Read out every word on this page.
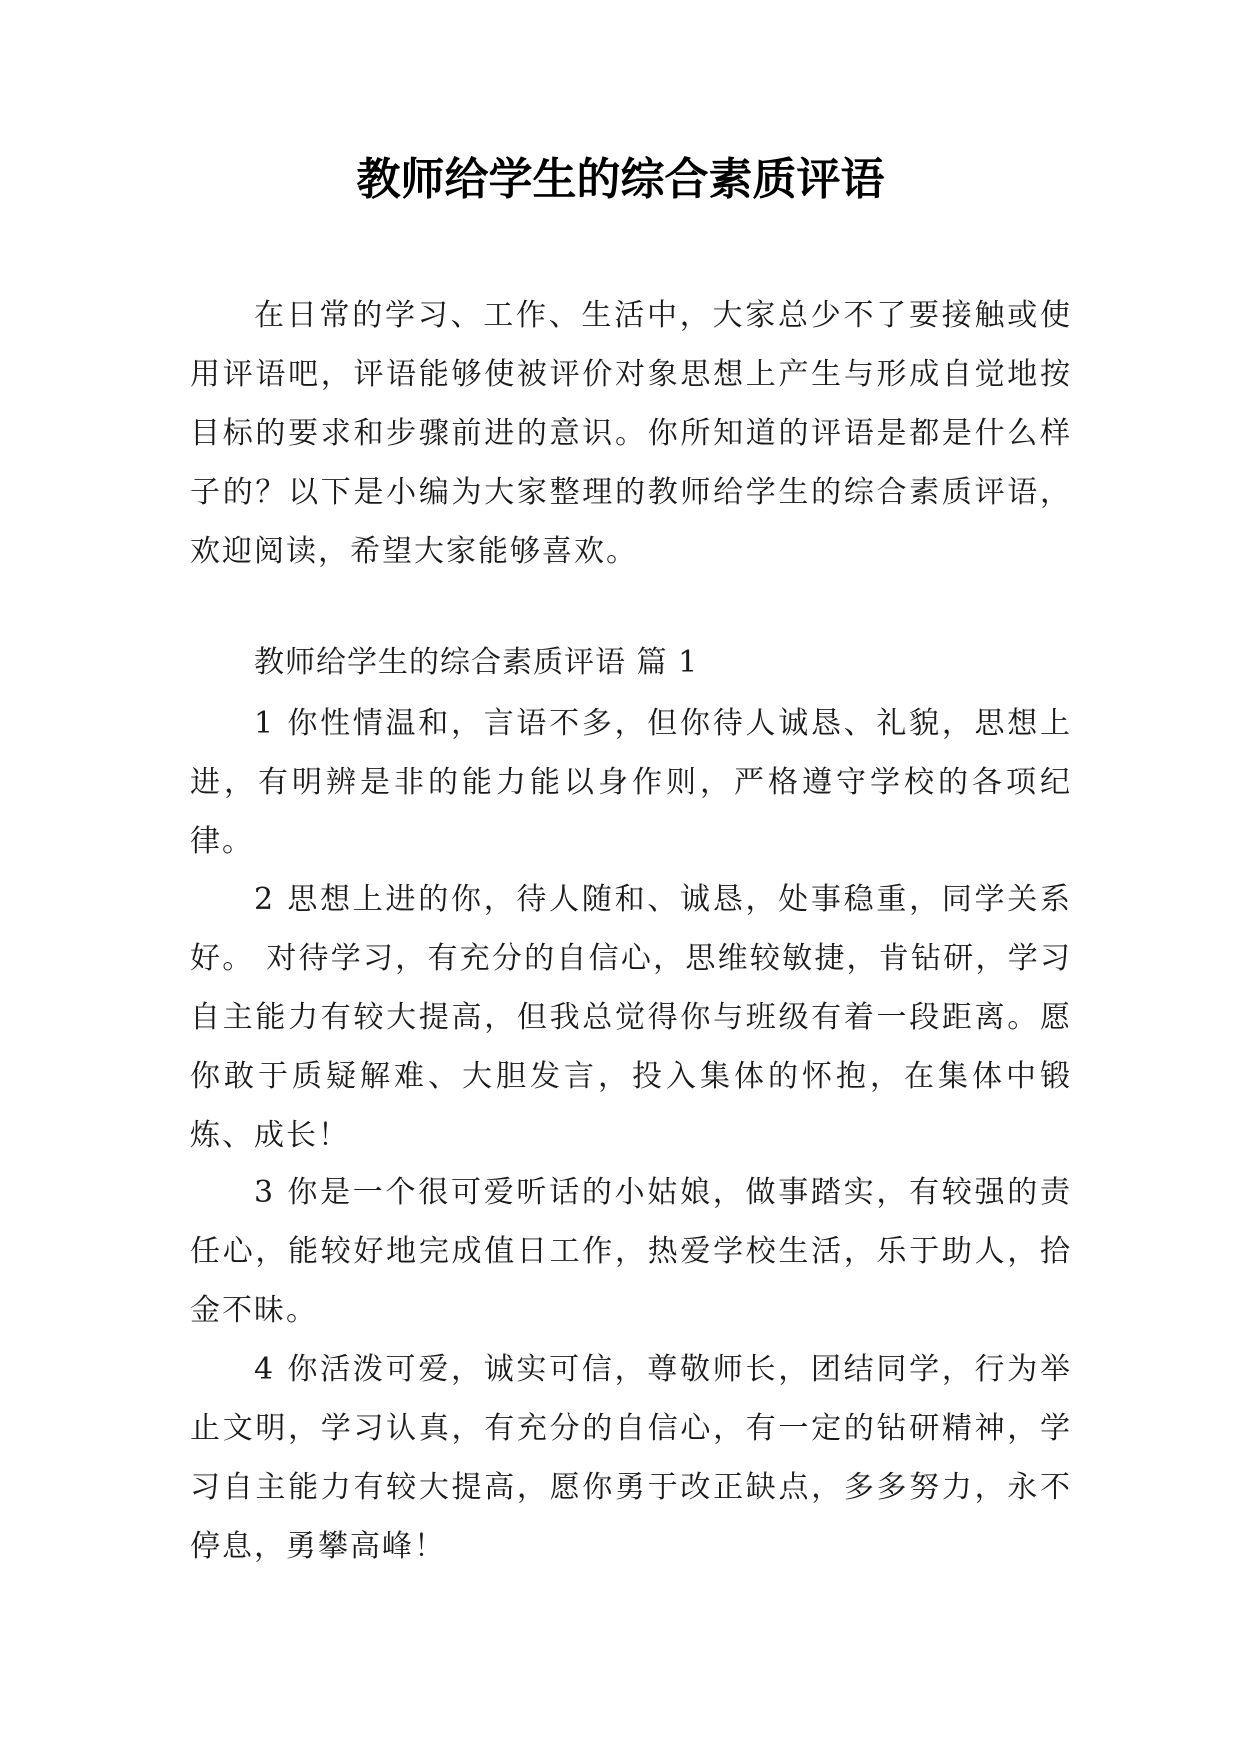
教师给学生的综合素质评语

在日常的学习、工作、生活中，大家总少不了要接触或使用评语吧，评语能够使被评价对象思想上产生与形成自觉地按目标的要求和步骤前进的意识。你所知道的评语是都是什么样子的？以下是小编为大家整理的教师给学生的综合素质评语，欢迎阅读，希望大家能够喜欢。

教师给学生的综合素质评语 篇 1

1 你性情温和，言语不多，但你待人诚恳、礼貌，思想上进，有明辨是非的能力能以身作则，严格遵守学校的各项纪律。

2 思想上进的你，待人随和、诚恳，处事稳重，同学关系好。 对待学习，有充分的自信心，思维较敏捷，肯钻研，学习自主能力有较大提高，但我总觉得你与班级有着一段距离。愿你敢于质疑解难、大胆发言，投入集体的怀抱，在集体中锻炼、成长！

3 你是一个很可爱听话的小姑娘，做事踏实，有较强的责任心，能较好地完成值日工作，热爱学校生活，乐于助人，拾金不昧。

4 你活泼可爱，诚实可信，尊敬师长，团结同学，行为举止文明，学习认真，有充分的自信心，有一定的钻研精神，学习自主能力有较大提高，愿你勇于改正缺点，多多努力，永不停息，勇攀高峰！
